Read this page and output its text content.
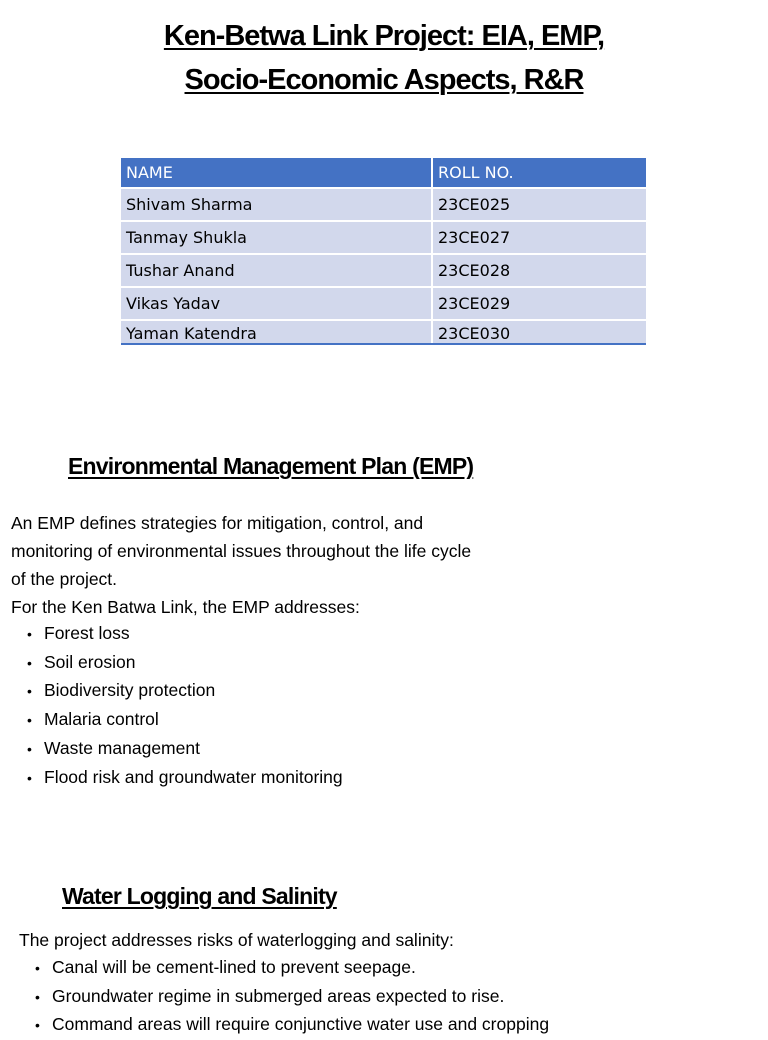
Ken-Betwa Link Project: EIA, EMP,
Socio-Economic Aspects, R&R
NAME	ROLL NO.
Shivam Sharma	23CE025
Tanmay Shukla	23CE027
Tushar Anand	23CE028
Vikas Yadav	23CE029
Yaman Katendra	23CE030
Environmental Management Plan (EMP)
An EMP defines strategies for mitigation, control, and
monitoring of environmental issues throughout the life cycle
of the project.
For the Ken Batwa Link, the EMP addresses:
• Forest loss
• Soil erosion
• Biodiversity protection
• Malaria control
• Waste management
• Flood risk and groundwater monitoring
Water Logging and Salinity
The project addresses risks of waterlogging and salinity:
• Canal will be cement-lined to prevent seepage.
• Groundwater regime in submerged areas expected to rise.
• Command areas will require conjunctive water use and cropping
